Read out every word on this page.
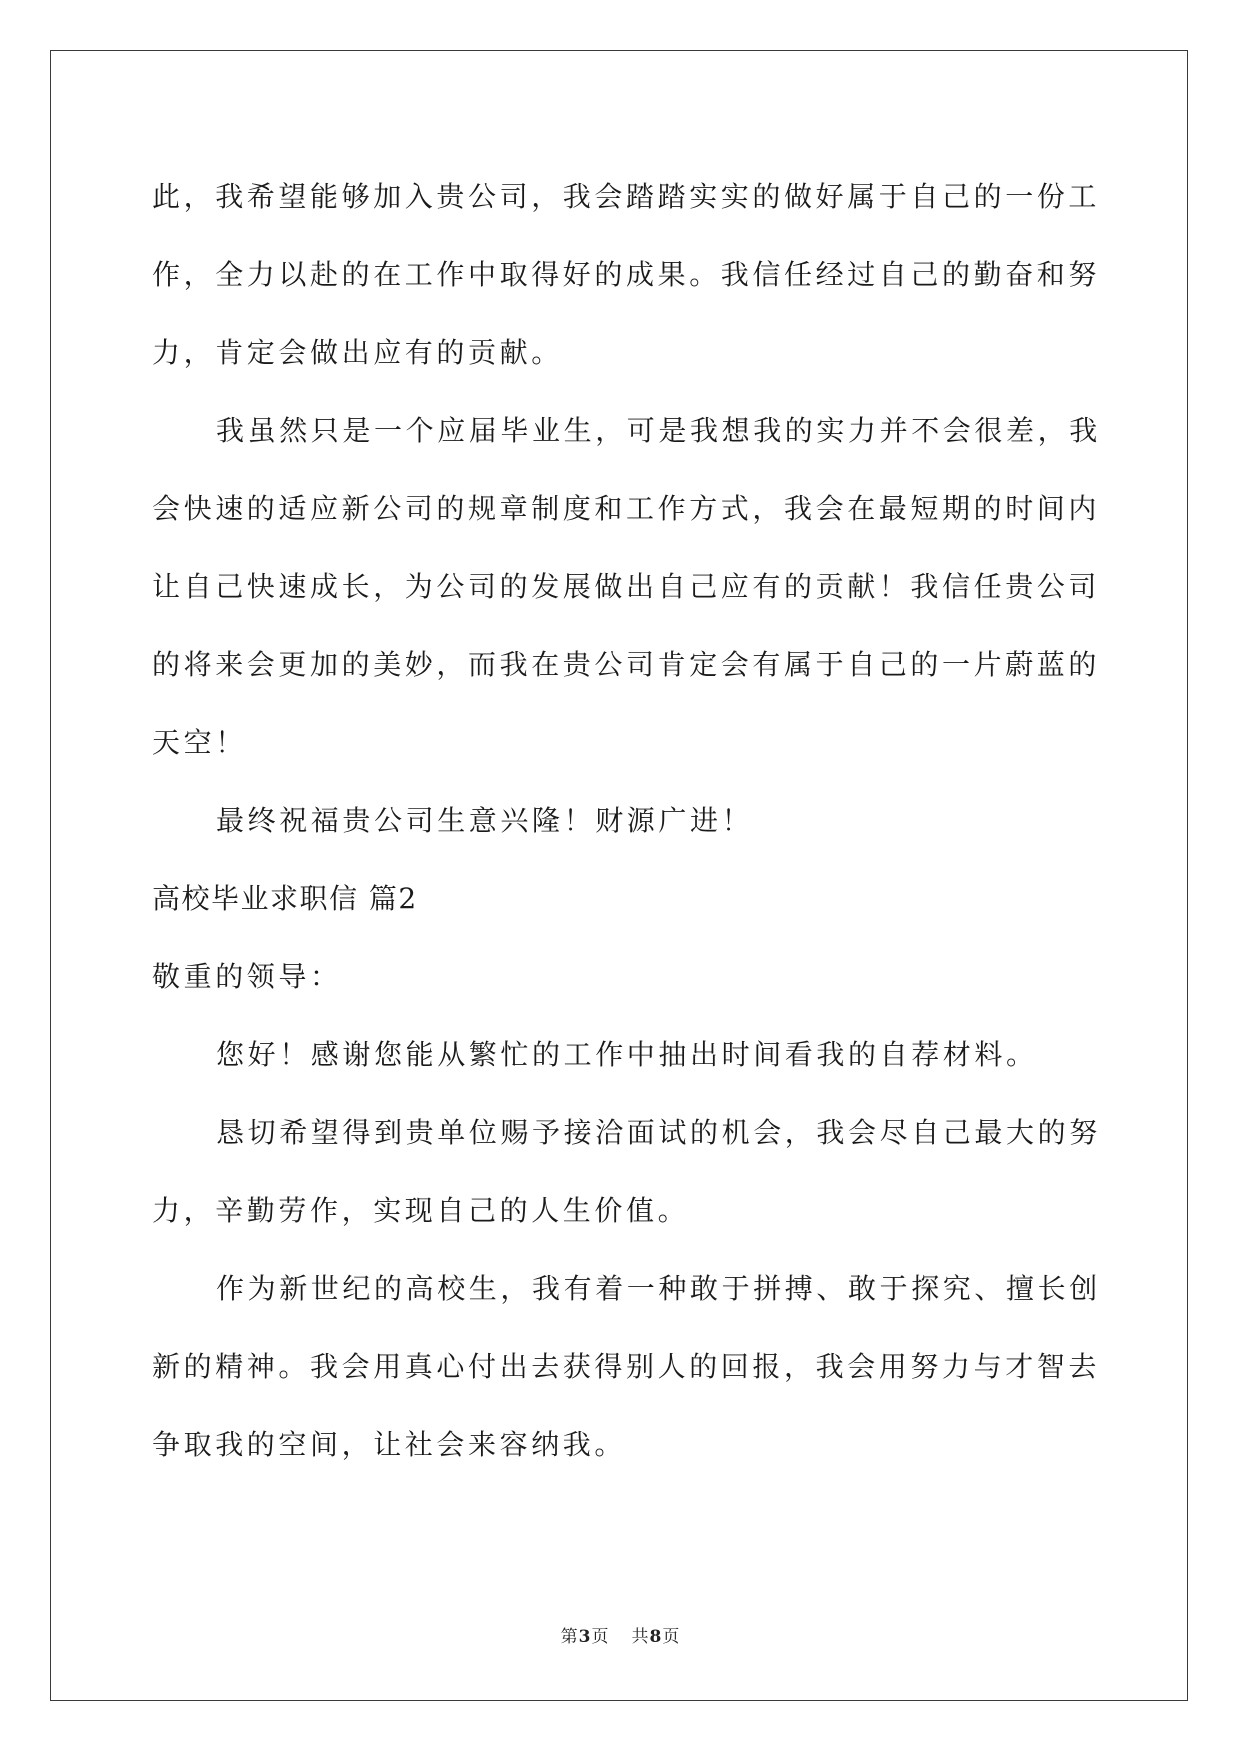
此，我希望能够加入贵公司，我会踏踏实实的做好属于自己的一份工

作，全力以赴的在工作中取得好的成果。我信任经过自己的勤奋和努

力，肯定会做出应有的贡献。

我虽然只是一个应届毕业生，可是我想我的实力并不会很差，我

会快速的适应新公司的规章制度和工作方式，我会在最短期的时间内

让自己快速成长，为公司的发展做出自己应有的贡献！我信任贵公司

的将来会更加的美妙，而我在贵公司肯定会有属于自己的一片蔚蓝的

天空！

最终祝福贵公司生意兴隆！财源广进！

高校毕业求职信 篇2

敬重的领导：

您好！感谢您能从繁忙的工作中抽出时间看我的自荐材料。

恳切希望得到贵单位赐予接洽面试的机会，我会尽自己最大的努

力，辛勤劳作，实现自己的人生价值。

作为新世纪的高校生，我有着一种敢于拼搏、敢于探究、擅长创

新的精神。我会用真心付出去获得别人的回报，我会用努力与才智去

争取我的空间，让社会来容纳我。

第3页 共8页
